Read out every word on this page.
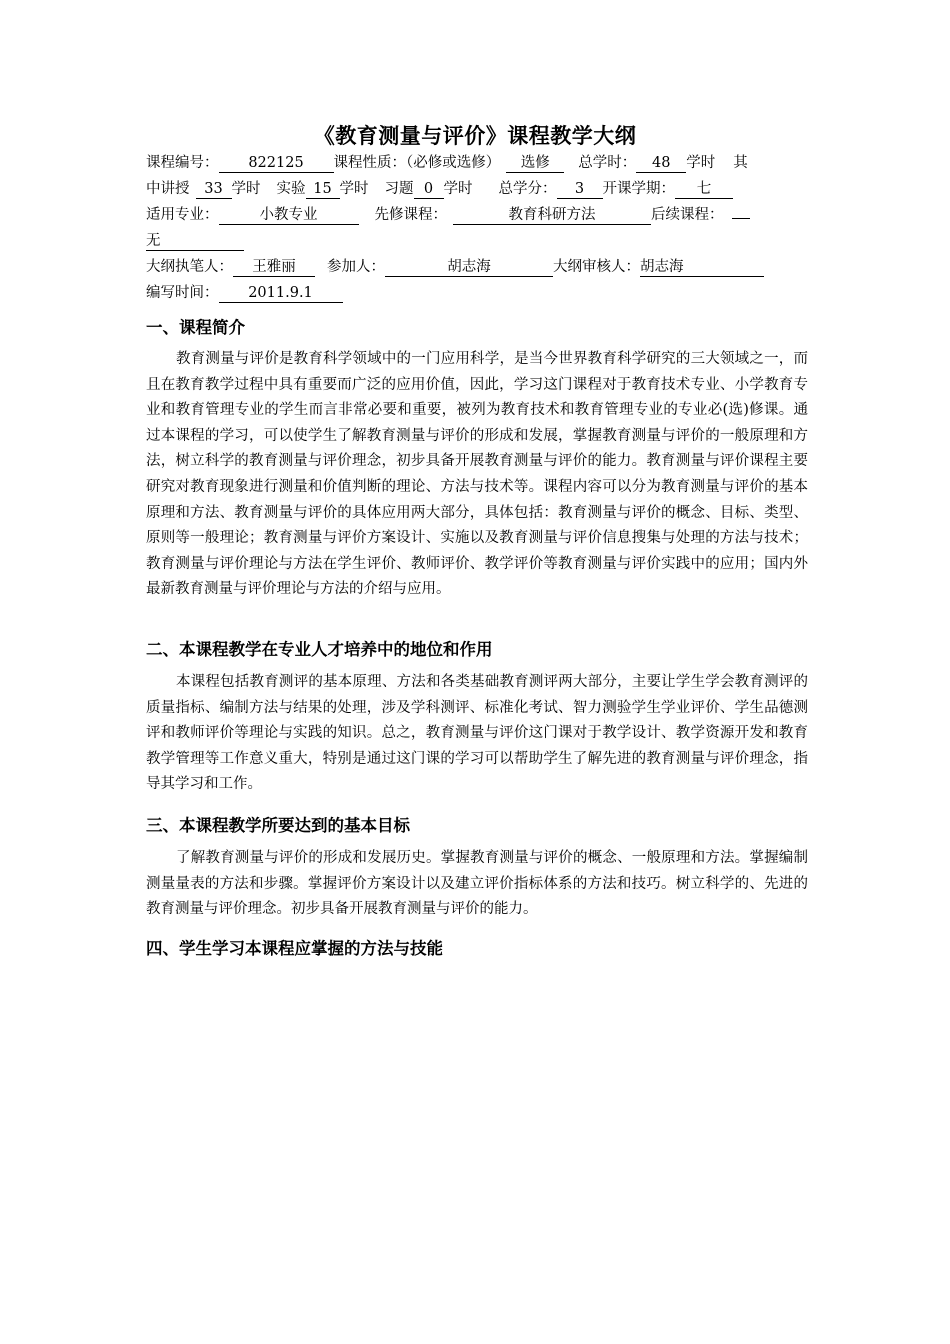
《教育测量与评价》课程教学大纲
课程编号： 822125 课程性质：（必修或选修） 选修 总学时： 48 学时 其
中讲授 33 学时 实验 15 学时 习题 0 学时 总学分： 3 开课学期： 七
适用专业：	小教专业	先修课程：	教育科研方法	后续课程：
无
大纲执笔人： 王雅丽 参加人：	胡志海	大纲审核人：胡志海
编写时间： 2011.9.1
一、课程简介
教育测量与评价是教育科学领域中的一门应用科学，是当今世界教育科学研究的三大领域之一，而且在教育教学过程中具有重要而广泛的应用价值，因此，学习这门课程对于教育技术专业、小学教育专业和教育管理专业的学生而言非常必要和重要，被列为教育技术和教育管理专业的专业必(选)修课。通过本课程的学习，可以使学生了解教育测量与评价的形成和发展，掌握教育测量与评价的一般原理和方法，树立科学的教育测量与评价理念，初步具备开展教育测量与评价的能力。教育测量与评价课程主要研究对教育现象进行测量和价值判断的理论、方法与技术等。课程内容可以分为教育测量与评价的基本原理和方法、教育测量与评价的具体应用两大部分，具体包括：教育测量与评价的概念、目标、类型、原则等一般理论；教育测量与评价方案设计、实施以及教育测量与评价信息搜集与处理的方法与技术；教育测量与评价理论与方法在学生评价、教师评价、教学评价等教育测量与评价实践中的应用；国内外最新教育测量与评价理论与方法的介绍与应用。
二、本课程教学在专业人才培养中的地位和作用
本课程包括教育测评的基本原理、方法和各类基础教育测评两大部分，主要让学生学会教育测评的质量指标、编制方法与结果的处理，涉及学科测评、标准化考试、智力测验学生学业评价、学生品德测评和教师评价等理论与实践的知识。总之，教育测量与评价这门课对于教学设计、教学资源开发和教育教学管理等工作意义重大，特别是通过这门课的学习可以帮助学生了解先进的教育测量与评价理念，指导其学习和工作。
三、本课程教学所要达到的基本目标
了解教育测量与评价的形成和发展历史。掌握教育测量与评价的概念、一般原理和方法。掌握编制测量量表的方法和步骤。掌握评价方案设计以及建立评价指标体系的方法和技巧。树立科学的、先进的教育测量与评价理念。初步具备开展教育测量与评价的能力。
四、学生学习本课程应掌握的方法与技能
